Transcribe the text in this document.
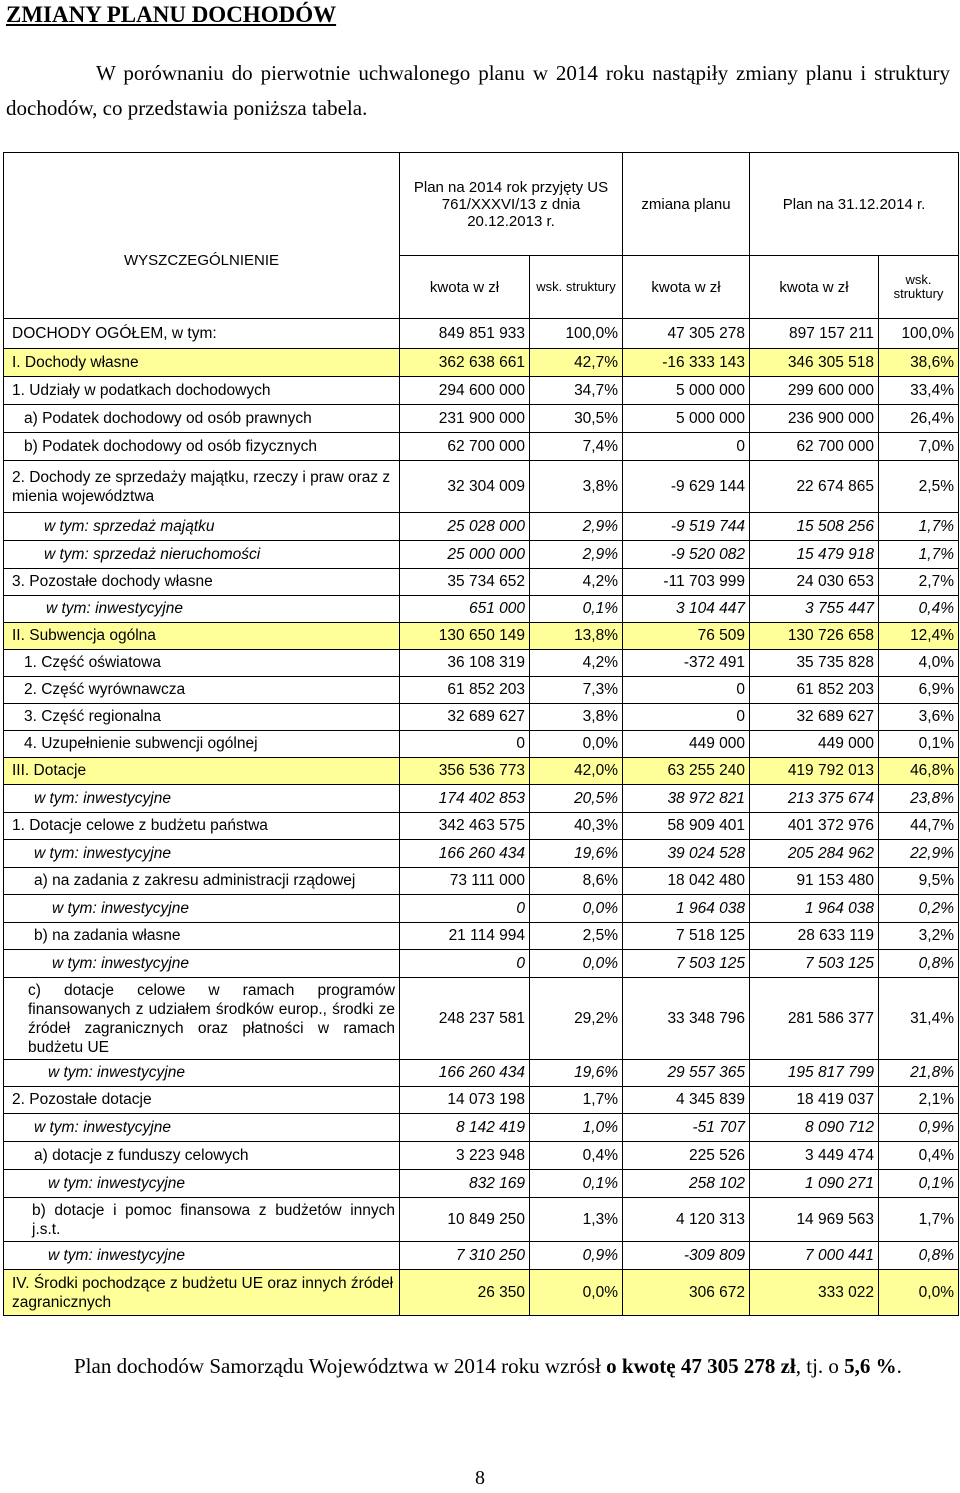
ZMIANY PLANU DOCHODÓW
W porównaniu do pierwotnie uchwalonego planu w 2014 roku nastąpiły zmiany planu i struktury dochodów, co przedstawia poniższa tabela.
WYSZCZEGÓLNIENIE	Plan na 2014 rok przyjęty US 761/XXXVI/13 z dnia 20.12.2013 r.		zmiana planu	Plan na 31.12.2014 r.	
	kwota w zł	wsk. struktury	kwota w zł	kwota w zł	wsk. struktury
DOCHODY OGÓŁEM, w tym:	849 851 933	100,0%	47 305 278	897 157 211	100,0%
I. Dochody własne	362 638 661	42,7%	-16 333 143	346 305 518	38,6%
1. Udziały w podatkach dochodowych	294 600 000	34,7%	5 000 000	299 600 000	33,4%
a) Podatek dochodowy od osób prawnych	231 900 000	30,5%	5 000 000	236 900 000	26,4%
b) Podatek dochodowy od osób fizycznych	62 700 000	7,4%	0	62 700 000	7,0%
2. Dochody ze sprzedaży majątku, rzeczy i praw oraz z mienia województwa	32 304 009	3,8%	-9 629 144	22 674 865	2,5%
w tym: sprzedaż majątku	25 028 000	2,9%	-9 519 744	15 508 256	1,7%
w tym: sprzedaż nieruchomości	25 000 000	2,9%	-9 520 082	15 479 918	1,7%
3. Pozostałe dochody własne	35 734 652	4,2%	-11 703 999	24 030 653	2,7%
w tym: inwestycyjne	651 000	0,1%	3 104 447	3 755 447	0,4%
II. Subwencja ogólna	130 650 149	13,8%	76 509	130 726 658	12,4%
1. Część oświatowa	36 108 319	4,2%	-372 491	35 735 828	4,0%
2. Część wyrównawcza	61 852 203	7,3%	0	61 852 203	6,9%
3. Część regionalna	32 689 627	3,8%	0	32 689 627	3,6%
4. Uzupełnienie subwencji ogólnej	0	0,0%	449 000	449 000	0,1%
III. Dotacje	356 536 773	42,0%	63 255 240	419 792 013	46,8%
w tym: inwestycyjne	174 402 853	20,5%	38 972 821	213 375 674	23,8%
1. Dotacje celowe z budżetu państwa	342 463 575	40,3%	58 909 401	401 372 976	44,7%
w tym: inwestycyjne	166 260 434	19,6%	39 024 528	205 284 962	22,9%
a) na zadania z zakresu administracji rządowej	73 111 000	8,6%	18 042 480	91 153 480	9,5%
w tym: inwestycyjne	0	0,0%	1 964 038	1 964 038	0,2%
b) na zadania własne	21 114 994	2,5%	7 518 125	28 633 119	3,2%
w tym: inwestycyjne	0	0,0%	7 503 125	7 503 125	0,8%
c) dotacje celowe w ramach programów finansowanych z udziałem środków europ., środki ze źródeł zagranicznych oraz płatności w ramach budżetu UE	248 237 581	29,2%	33 348 796	281 586 377	31,4%
w tym: inwestycyjne	166 260 434	19,6%	29 557 365	195 817 799	21,8%
2. Pozostałe dotacje	14 073 198	1,7%	4 345 839	18 419 037	2,1%
w tym: inwestycyjne	8 142 419	1,0%	-51 707	8 090 712	0,9%
a) dotacje z funduszy celowych	3 223 948	0,4%	225 526	3 449 474	0,4%
w tym: inwestycyjne	832 169	0,1%	258 102	1 090 271	0,1%
b) dotacje i pomoc finansowa z budżetów innych j.s.t.	10 849 250	1,3%	4 120 313	14 969 563	1,7%
w tym: inwestycyjne	7 310 250	0,9%	-309 809	7 000 441	0,8%
IV. Środki pochodzące z budżetu UE oraz innych źródeł zagranicznych	26 350	0,0%	306 672	333 022	0,0%
Plan dochodów Samorządu Województwa w 2014 roku wzrósł o kwotę 47 305 278 zł, tj. o 5,6 %.
8
